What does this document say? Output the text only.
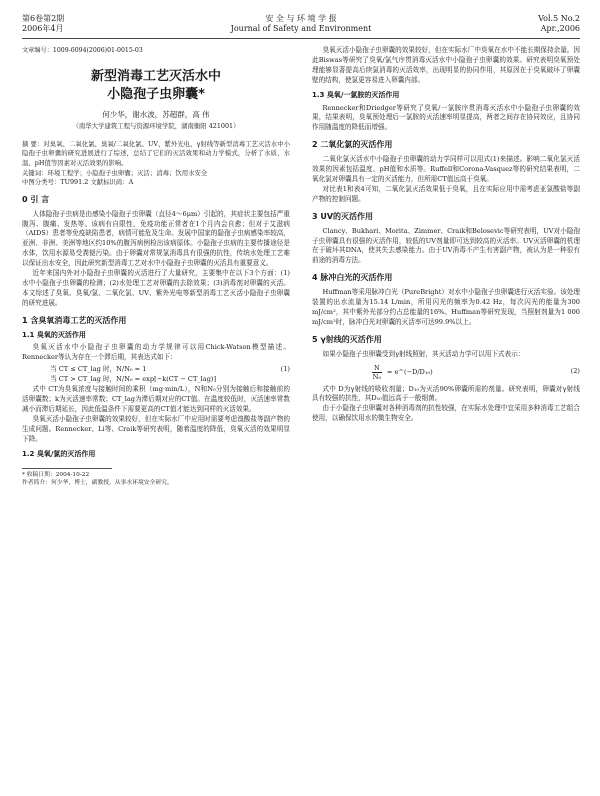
第6卷第2期
2006年4月
安 全 与 环 境 学 报
Journal of Safety and Environment
Vol.5 No.2
Apr.,2006

文章编号：1009-6094(2006)01-0015-03

新型消毒工艺灭活水中
小隐孢子虫卵囊*
何少华，谢水波，苏超群，高 伟
（南华大学建筑工程与资源环境学院，湖南衡阳 421001）

摘 要：对臭氧、二氧化氯、臭氧/二氧化氯、UV、紫外光电、γ射线等新型消毒工艺灭活水中小隐孢子虫卵囊的研究进展进行了综述，总结了它们的灭活效果和动力学模式，分析了水质、水温、pH值等因素对灭活效果的影响。

关键词：环境工程学；小隐孢子虫卵囊；灭活；消毒；饮用水安全

中图分类号：TU991.2 文献标识码：A

0 引 言

人体隐孢子虫病是由感染小隐孢子虫卵囊（直径4～6μm）引起的，其症状主要包括严重腹泻、腹痛、发热等。该病有自限性，免疫功能正常者在1个月内会自愈；但对于艾滋病（AIDS）患者等免疫缺陷患者，病情可能危及生命。发展中国家的隐孢子虫病感染率较高，亚洲、非洲、美洲等地区约10%的腹泻病例检出该病原体。小隐孢子虫病的主要传播途径是水体，饮用水源易受粪便污染。由于卵囊对常规氯消毒具有很强的抗性，传统水处理工艺难以保证出水安全，因此研究新型消毒工艺对水中小隐孢子虫卵囊的灭活具有重要意义。

近年来国内外对小隐孢子虫卵囊的灭活进行了大量研究，主要集中在以下3个方面：(1)水中小隐孢子虫卵囊的检测；(2)水处理工艺对卵囊的去除效果；(3)消毒剂对卵囊的灭活。本文综述了臭氧、臭氧/氯、二氧化氯、UV、紫外光电等新型消毒工艺灭活小隐孢子虫卵囊的研究进展。

1 含臭氧消毒工艺的灭活作用
1.1 臭氧的灭活作用

臭氧灭活水中小隐孢子虫卵囊的动力学规律可以用Chick-Watson模型描述。Rennecker等认为存在一个滞后期，其表达式如下：

当 CT ≤ CT_lag 时，N/N₀ = 1
当 CT > CT_lag 时，N/N₀ = exp[−k(CT − CT_lag)]
(1)

式中 CT为臭氧浓度与接触时间的乘积（mg·min/L），N和N₀分别为接触后和接触前的活卵囊数；k为灭活速率常数；CT_lag为滞后期对应的CT值。在温度较低时，灭活速率常数减小而滞后期延长，因此低温条件下需要更高的CT值才能达到同样的灭活效果。

臭氧灭活小隐孢子虫卵囊的效果较好，但在实际水厂中应用时需要考虑溴酸盐等副产物的生成问题。Rennecker、Li等、Craik等研究表明，随着温度的降低，臭氧灭活的效果明显下降。

1.2 臭氧/氯的灭活作用

* 收稿日期：2004-10-22

作者简介：何少华，博士，副教授，从事水环境安全研究。

臭氧灭活小隐孢子虫卵囊的效果较好，但在实际水厂中臭氧在水中不能长期保持余量。因此Biswas等研究了臭氧/氯气序贯消毒灭活水中小隐孢子虫卵囊的效果。研究表明臭氧预处理能够显著提高后续氯消毒的灭活效率，出现明显的协同作用，其原因在于臭氧破坏了卵囊壁的结构，使氯更容易进入卵囊内部。

1.3 臭氧/一氯胺的灭活作用

Rennecker和Driedger等研究了臭氧/一氯胺序贯消毒灭活水中小隐孢子虫卵囊的效果，结果表明，臭氧预处理后一氯胺的灭活速率明显提高，两者之间存在协同效应，且协同作用随温度的降低而增强。

2 二氧化氯的灭活作用

二氧化氯灭活水中小隐孢子虫卵囊的动力学同样可以用式(1)来描述。影响二氧化氯灭活效果的因素包括温度、pH值和水质等。Ruffell和Corona-Vasquez等的研究结果表明，二氧化氯对卵囊具有一定的灭活能力，但所需CT值远高于臭氧。

对比表1和表4可知，二氧化氯灭活效果低于臭氧，且在实际应用中需考虑亚氯酸盐等副产物的控制问题。

3 UV的灭活作用

Clancy、Bukhari、Morita、Zimmer、Craik和Belosevic等研究表明，UV对小隐孢子虫卵囊具有很强的灭活作用，较低的UV剂量即可达到较高的灭活率。UV灭活卵囊的机理在于破坏其DNA，使其失去感染能力。由于UV消毒不产生有害副产物，被认为是一种很有前途的消毒方法。

4 脉冲白光的灭活作用

Huffman等采用脉冲白光（PureBright）对水中小隐孢子虫卵囊进行灭活实验。该处理装置的出水流量为15.14 L/min，所用闪光的频率为0.42 Hz，每次闪光的能量为300 mJ/cm²，其中紫外光部分约占总能量的16%。Huffman等研究发现，当照射剂量为1 000 mJ/cm²时，脉冲白光对卵囊的灭活率可达99.9%以上。

5 γ射线的灭活作用

如果小隐孢子虫卵囊受到γ射线照射，其灭活动力学可以用下式表示：

$\frac{N}{\text{N₀}}$ = e^(−D/D₁₀)	(2)

式中 D为γ射线的吸收剂量；D₁₀为灭活90%卵囊所需的剂量。研究表明，卵囊对γ射线具有较强的抗性，其D₁₀值远高于一般细菌。

由于小隐孢子虫卵囊对各种消毒剂的抗性较强，在实际水处理中宜采用多种消毒工艺组合使用，以确保饮用水的微生物安全。
